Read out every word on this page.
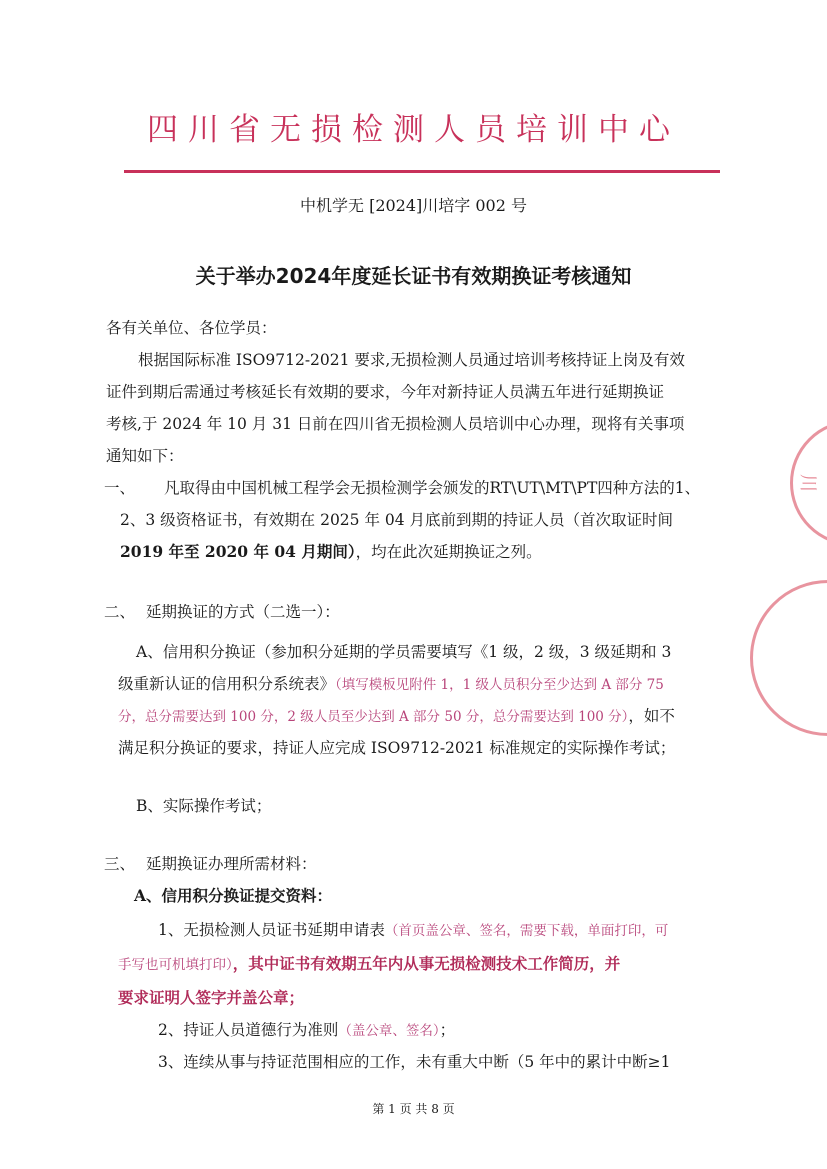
四川省无损检测人员培训中心
中机学无 [2024]川培字 002 号
关于举办2024年度延长证书有效期换证考核通知
各有关单位、各位学员：
根据国际标准 ISO9712-2021 要求,无损检测人员通过培训考核持证上岗及有效
证件到期后需通过考核延长有效期的要求，今年对新持证人员满五年进行延期换证
考核,于 2024 年 10 月 31 日前在四川省无损检测人员培训中心办理，现将有关事项
通知如下：
一、 凡取得由中国机械工程学会无损检测学会颁发的RT\UT\MT\PT四种方法的1、
2、3 级资格证书，有效期在 2025 年 04 月底前到期的持证人员（首次取证时间
2019 年至 2020 年 04 月期间），均在此次延期换证之列。
二、 延期换证的方式（二选一）：
A、信用积分换证（参加积分延期的学员需要填写《1 级，2 级，3 级延期和 3
级重新认证的信用积分系统表》（填写模板见附件 1，1 级人员积分至少达到 A 部分 75
分，总分需要达到 100 分，2 级人员至少达到 A 部分 50 分，总分需要达到 100 分），如不
满足积分换证的要求，持证人应完成 ISO9712-2021 标准规定的实际操作考试；
B、实际操作考试；
三、 延期换证办理所需材料：
A、信用积分换证提交资料：
1、无损检测人员证书延期申请表（首页盖公章、签名，需要下载，单面打印，可
手写也可机填打印），其中证书有效期五年内从事无损检测技术工作简历，并
要求证明人签字并盖公章；
2、持证人员道德行为准则（盖公章、签名）；
3、连续从事与持证范围相应的工作，未有重大中断（5 年中的累计中断≥1
第 1 页 共 8 页
川
